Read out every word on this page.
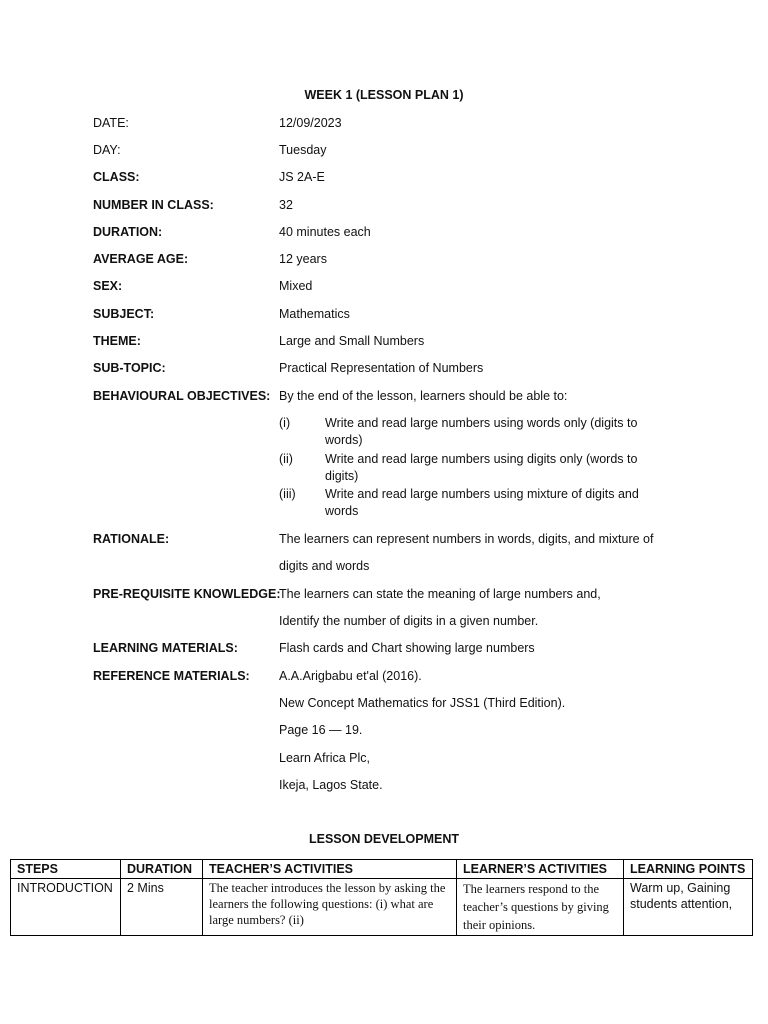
WEEK 1 (LESSON PLAN 1)
DATE:	12/09/2023
DAY:	Tuesday
CLASS:	JS 2A-E
NUMBER IN CLASS:	32
DURATION:	40 minutes each
AVERAGE AGE:	12 years
SEX:	Mixed
SUBJECT:	Mathematics
THEME:	Large and Small Numbers
SUB-TOPIC:	Practical Representation of Numbers
BEHAVIOURAL OBJECTIVES: By the end of the lesson, learners should be able to:
(i)	Write and read large numbers using words only (digits to words)
(ii)	Write and read large numbers using digits only (words to digits)
(iii) Write and read large numbers using mixture of digits and words
RATIONALE:	The learners can represent numbers in words, digits, and mixture of
digits and words
PRE-REQUISITE KNOWLEDGE:
The learners can state the meaning of large numbers and,
Identify the number of digits in a given number.
LEARNING MATERIALS:	Flash cards and Chart showing large numbers
REFERENCE MATERIALS: A.A.Arigbabu et'al (2016).
New Concept Mathematics for JSS1 (Third Edition).
Page 16 — 19.
Learn Africa Plc,
Ikeja, Lagos State.
LESSON DEVELOPMENT
STEPS	DURATION	TEACHER’S ACTIVITIES	LEARNER’S ACTIVITIES	LEARNING POINTS
INTRODUCTION	2 Mins	The teacher introduces the lesson by asking the learners the following questions: (i) what are large numbers? (ii)	The learners respond to the teacher’s questions by giving their opinions.	Warm up, Gaining students attention,
